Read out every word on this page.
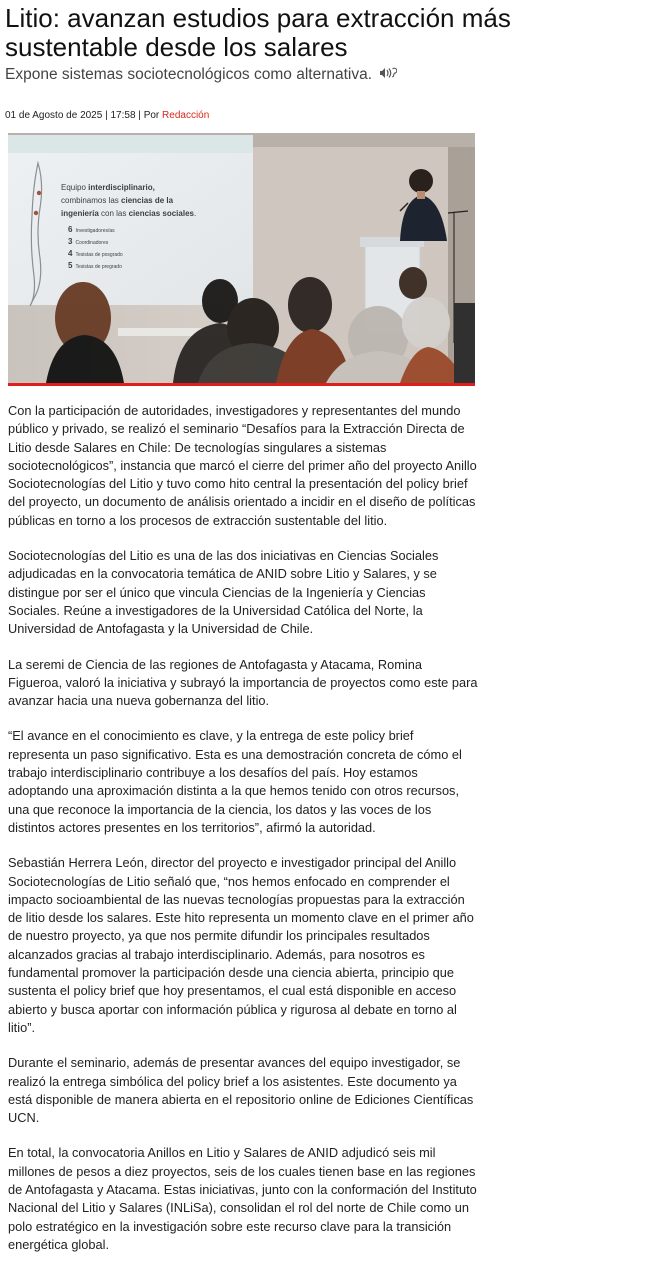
Litio: avanzan estudios para extracción más sustentable desde los salares

Expone sistemas sociotecnológicos como alternativa.

01 de Agosto de 2025 | 17:58 | Por Redacción
Equipo interdisciplinario,
combinamos las ciencias de la
ingeniería con las ciencias sociales.
6 Investigadores/as
3 Coordinadores
4 Tesistas de posgrado
5 Tesistas de pregrado

Con la participación de autoridades, investigadores y representantes del mundo público y privado, se realizó el seminario “Desafíos para la Extracción Directa de Litio desde Salares en Chile: De tecnologías singulares a sistemas sociotecnológicos”, instancia que marcó el cierre del primer año del proyecto Anillo Sociotecnologías del Litio y tuvo como hito central la presentación del policy brief del proyecto, un documento de análisis orientado a incidir en el diseño de políticas públicas en torno a los procesos de extracción sustentable del litio.

Sociotecnologías del Litio es una de las dos iniciativas en Ciencias Sociales adjudicadas en la convocatoria temática de ANID sobre Litio y Salares, y se distingue por ser el único que vincula Ciencias de la Ingeniería y Ciencias Sociales. Reúne a investigadores de la Universidad Católica del Norte, la Universidad de Antofagasta y la Universidad de Chile.

La seremi de Ciencia de las regiones de Antofagasta y Atacama, Romina Figueroa, valoró la iniciativa y subrayó la importancia de proyectos como este para avanzar hacia una nueva gobernanza del litio.

“El avance en el conocimiento es clave, y la entrega de este policy brief representa un paso significativo. Esta es una demostración concreta de cómo el trabajo interdisciplinario contribuye a los desafíos del país. Hoy estamos adoptando una aproximación distinta a la que hemos tenido con otros recursos, una que reconoce la importancia de la ciencia, los datos y las voces de los distintos actores presentes en los territorios”, afirmó la autoridad.

Sebastián Herrera León, director del proyecto e investigador principal del Anillo Sociotecnologías de Litio señaló que, “nos hemos enfocado en comprender el impacto socioambiental de las nuevas tecnologías propuestas para la extracción de litio desde los salares. Este hito representa un momento clave en el primer año de nuestro proyecto, ya que nos permite difundir los principales resultados alcanzados gracias al trabajo interdisciplinario. Además, para nosotros es fundamental promover la participación desde una ciencia abierta, principio que sustenta el policy brief que hoy presentamos, el cual está disponible en acceso abierto y busca aportar con información pública y rigurosa al debate en torno al litio”.

Durante el seminario, además de presentar avances del equipo investigador, se realizó la entrega simbólica del policy brief a los asistentes. Este documento ya está disponible de manera abierta en el repositorio online de Ediciones Científicas UCN.

En total, la convocatoria Anillos en Litio y Salares de ANID adjudicó seis mil millones de pesos a diez proyectos, seis de los cuales tienen base en las regiones de Antofagasta y Atacama. Estas iniciativas, junto con la conformación del Instituto Nacional del Litio y Salares (INLiSa), consolidan el rol del norte de Chile como un polo estratégico en la investigación sobre este recurso clave para la transición energética global.
